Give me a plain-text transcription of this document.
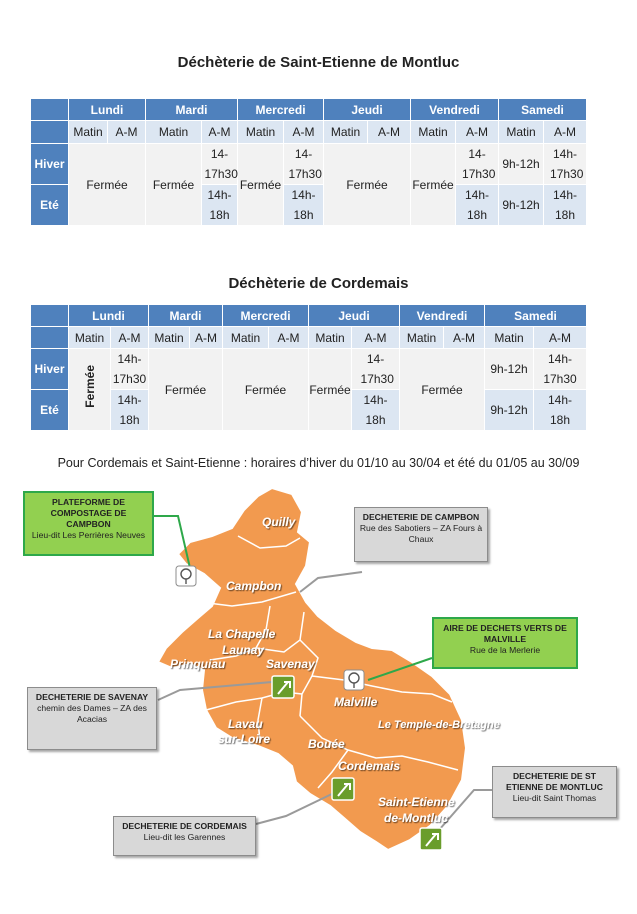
Déchèterie de Saint-Etienne de Montluc
	Lundi		Mardi		Mercredi		Jeudi		Vendredi		Samedi	
	Matin	A-M	Matin	A-M	Matin	A-M	Matin	A-M	Matin	A-M	Matin	A-M
Hiver	Fermée		Fermée	14-17h30	Fermée	14-17h30	Fermée		Fermée	14-17h30	9h-12h	14h-17h30

Eté				14h-18h		14h-18h				14h-18h	9h-12h	14h-18h
Déchèterie de Cordemais
	Lundi		Mardi		Mercredi		Jeudi		Vendredi		Samedi	
	Matin	A-M	Matin	A-M	Matin	A-M	Matin	A-M	Matin	A-M	Matin	A-M
Hiver	Fermée	14h-17h30	Fermée		Fermée		Fermée	14-17h30	Fermée		9h-12h	14h-17h30

Eté		14h-18h						14h-18h			9h-12h	14h-18h
Pour Cordemais et Saint-Etienne : horaires d’hiver du 01/10 au 30/04 et été du 01/05 au 30/09
Quilly
Campbon
La Chapelle
Launay
Prinquiau	Savenay
Malville
Le Temple-de-Bretagne
Lavau
sur-Loire	Bouée
Cordemais
Saint-Etienne
de-Montluc
PLATEFORME DE COMPOSTAGE DE CAMPBON
Lieu-dit Les Perrières Neuves
DECHETERIE DE CAMPBON
Rue des Sabotiers – ZA Fours à Chaux
AIRE DE DECHETS VERTS DE MALVILLE
Rue de la Merlerie
DECHETERIE DE SAVENAY
chemin des Dames – ZA des Acacias
DECHETERIE DE CORDEMAIS
Lieu-dit les Garennes
DECHETERIE DE ST ETIENNE DE MONTLUC
Lieu-dit Saint Thomas
